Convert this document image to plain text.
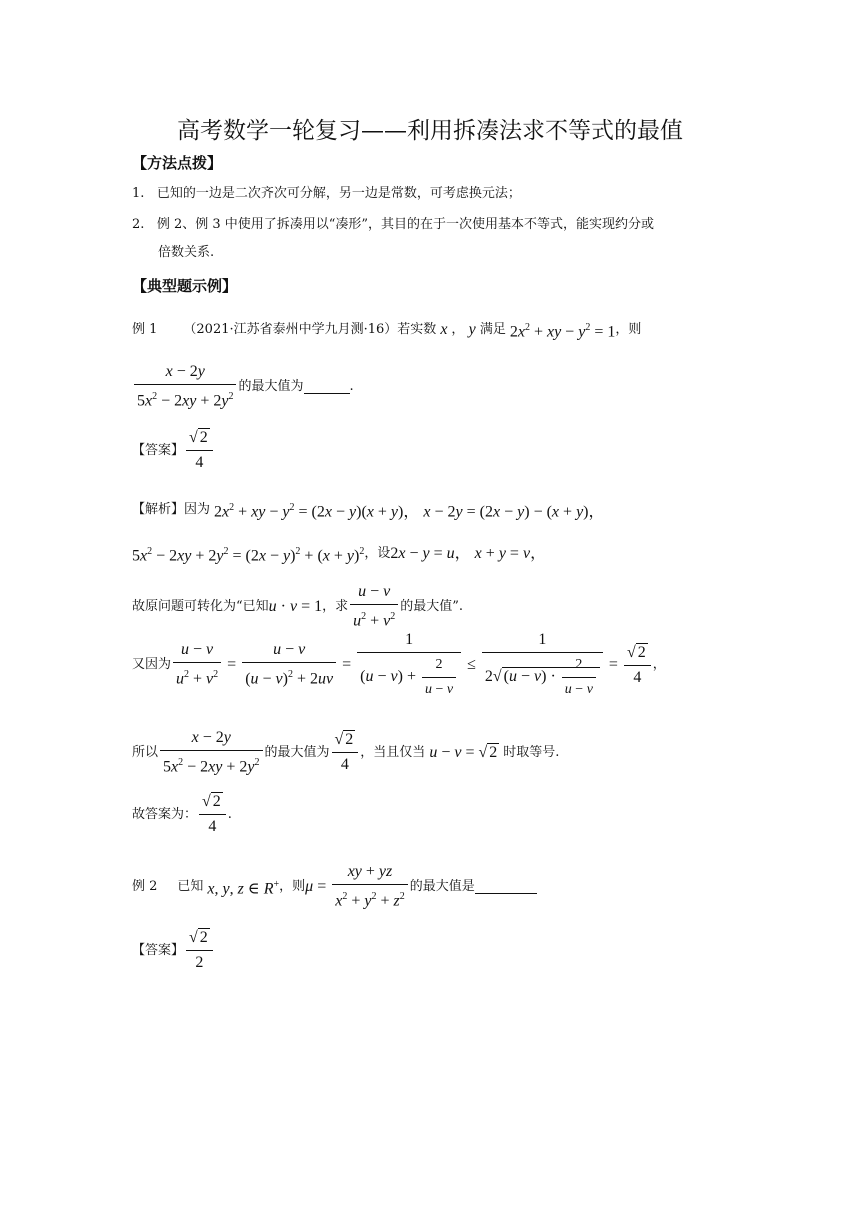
高考数学一轮复习——利用拆凑法求不等式的最值
【方法点拨】
1. 已知的一边是二次齐次可分解，另一边是常数，可考虑换元法；
2. 例 2、例 3 中使用了拆凑用以“凑形”，其目的在于一次使用基本不等式，能实现约分或
倍数关系.
【典型题示例】
例 1 （2021·江苏省泰州中学九月测·16）若实数 x ， y
满足 $2x^2$ + xy − $y^2 = 1$ ，则
$\frac{x - 2y}{5x^2 - 2xy + 2y^2}$ 的最大值为	.
【答案】 $\frac{√ 2}{4}$
【解析】 因为 $2x^2$ + xy − $y^2 = (2x - y)(x + y)$， x − 2y = (2x − y) − (x + y)，
$5x^2 - 2xy + 2y^2 = (2x - y)^2 + (x + y)^2$ ，设 2x − y = u， x + y = v，
故原问题可转化为“已知 u · v = 1 ，求 $\frac{u - v}{u^2 + v^2}$ 的最大值”.
又因为 $\frac{u - v}{u^2 + v^2} = \frac{u - v}{(u - v)^2 + 2uv} = \frac{1}{(u - v) + \frac{2}{u - v}} \le \frac{1}{2√ (u - v) \cdot \frac{2}{u - v}} = \frac{√ 2}{4}$ ，
所以 $\frac{x - 2y}{5x^2 - 2xy + 2y^2}$ 的最大值为 $\frac{√ 2}{4}$ ，当且仅当 u − v = √ 2 时取等号.
故答案为： $\frac{√ 2}{4}$ .
例 2 已知 x, y, z ∈ R+ ，则 $\mu = \frac{xy + yz}{x^2 + y^2 + z^2}$ 的最大值是
【答案】 $\frac{√ 2}{2}$
